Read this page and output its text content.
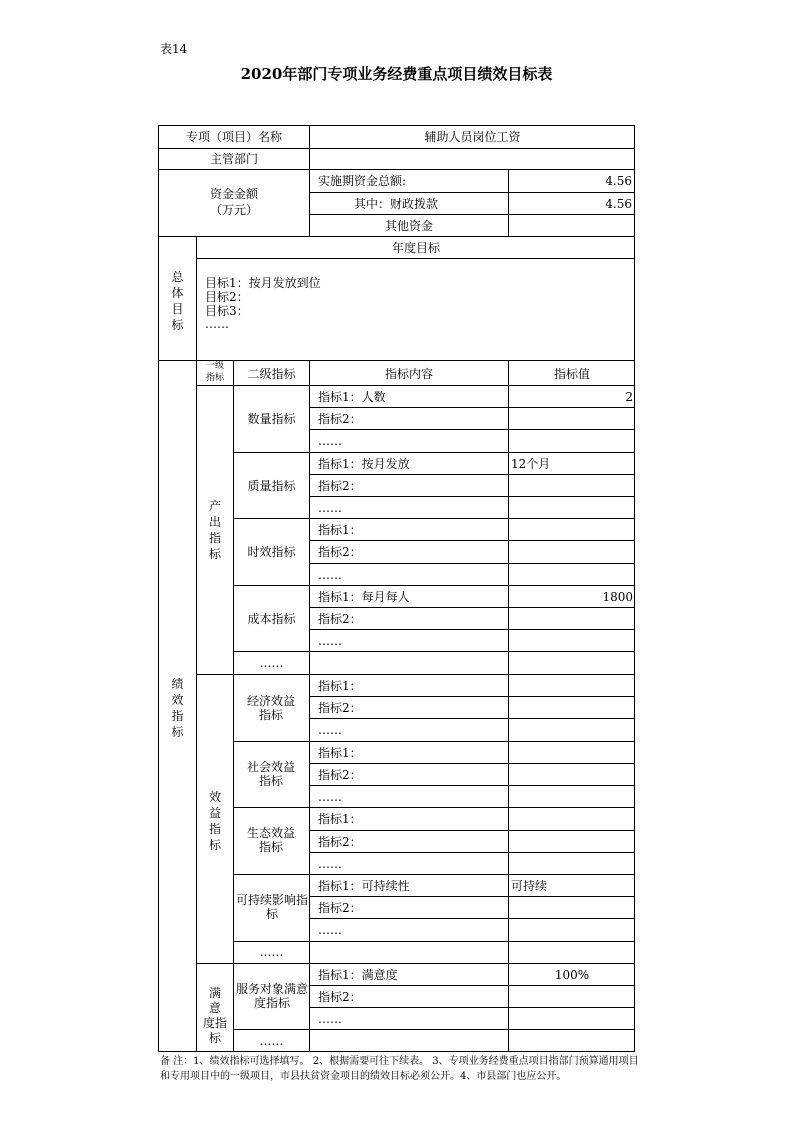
表14
2020年部门专项业务经费重点项目绩效目标表
专项（项目）名称	辅助人员岗位工资
主管部门
资金金额
（万元）
实施期资金总额:	4.56
其中：财政拨款	4.56
其他资金
总
体
目
标
年度目标
目标1：按月发放到位
目标2：
目标3：
……
绩
效
指
标
一级
指标	二级指标	指标内容	指标值
产
出
指
标
数量指标
指标1：人数	2
指标2：
……
质量指标
指标1：按月发放	12个月
指标2：
……
时效指标
指标1：
指标2：
……
成本指标
指标1：每月每人	1800
指标2：
……
……
效
益
指
标
经济效益指标
指标1：
指标2：
……
社会效益指标
指标1：
指标2：
……
生态效益指标
指标1：
指标2：
……
可持续影响指标
指标1：可持续性	可持续
指标2：
……
……
满
意
度指
标
服务对象满意度指标
指标1：满意度	100%
指标2：
……
……
备 注：1、绩效指标可选择填写。 2、根据需要可往下续表。 3、专项业务经费重点项目指部门预算通用项目和专用项目中的一级项目，市县扶贫资金项目的绩效目标必须公开。4、市县部门也应公开。
